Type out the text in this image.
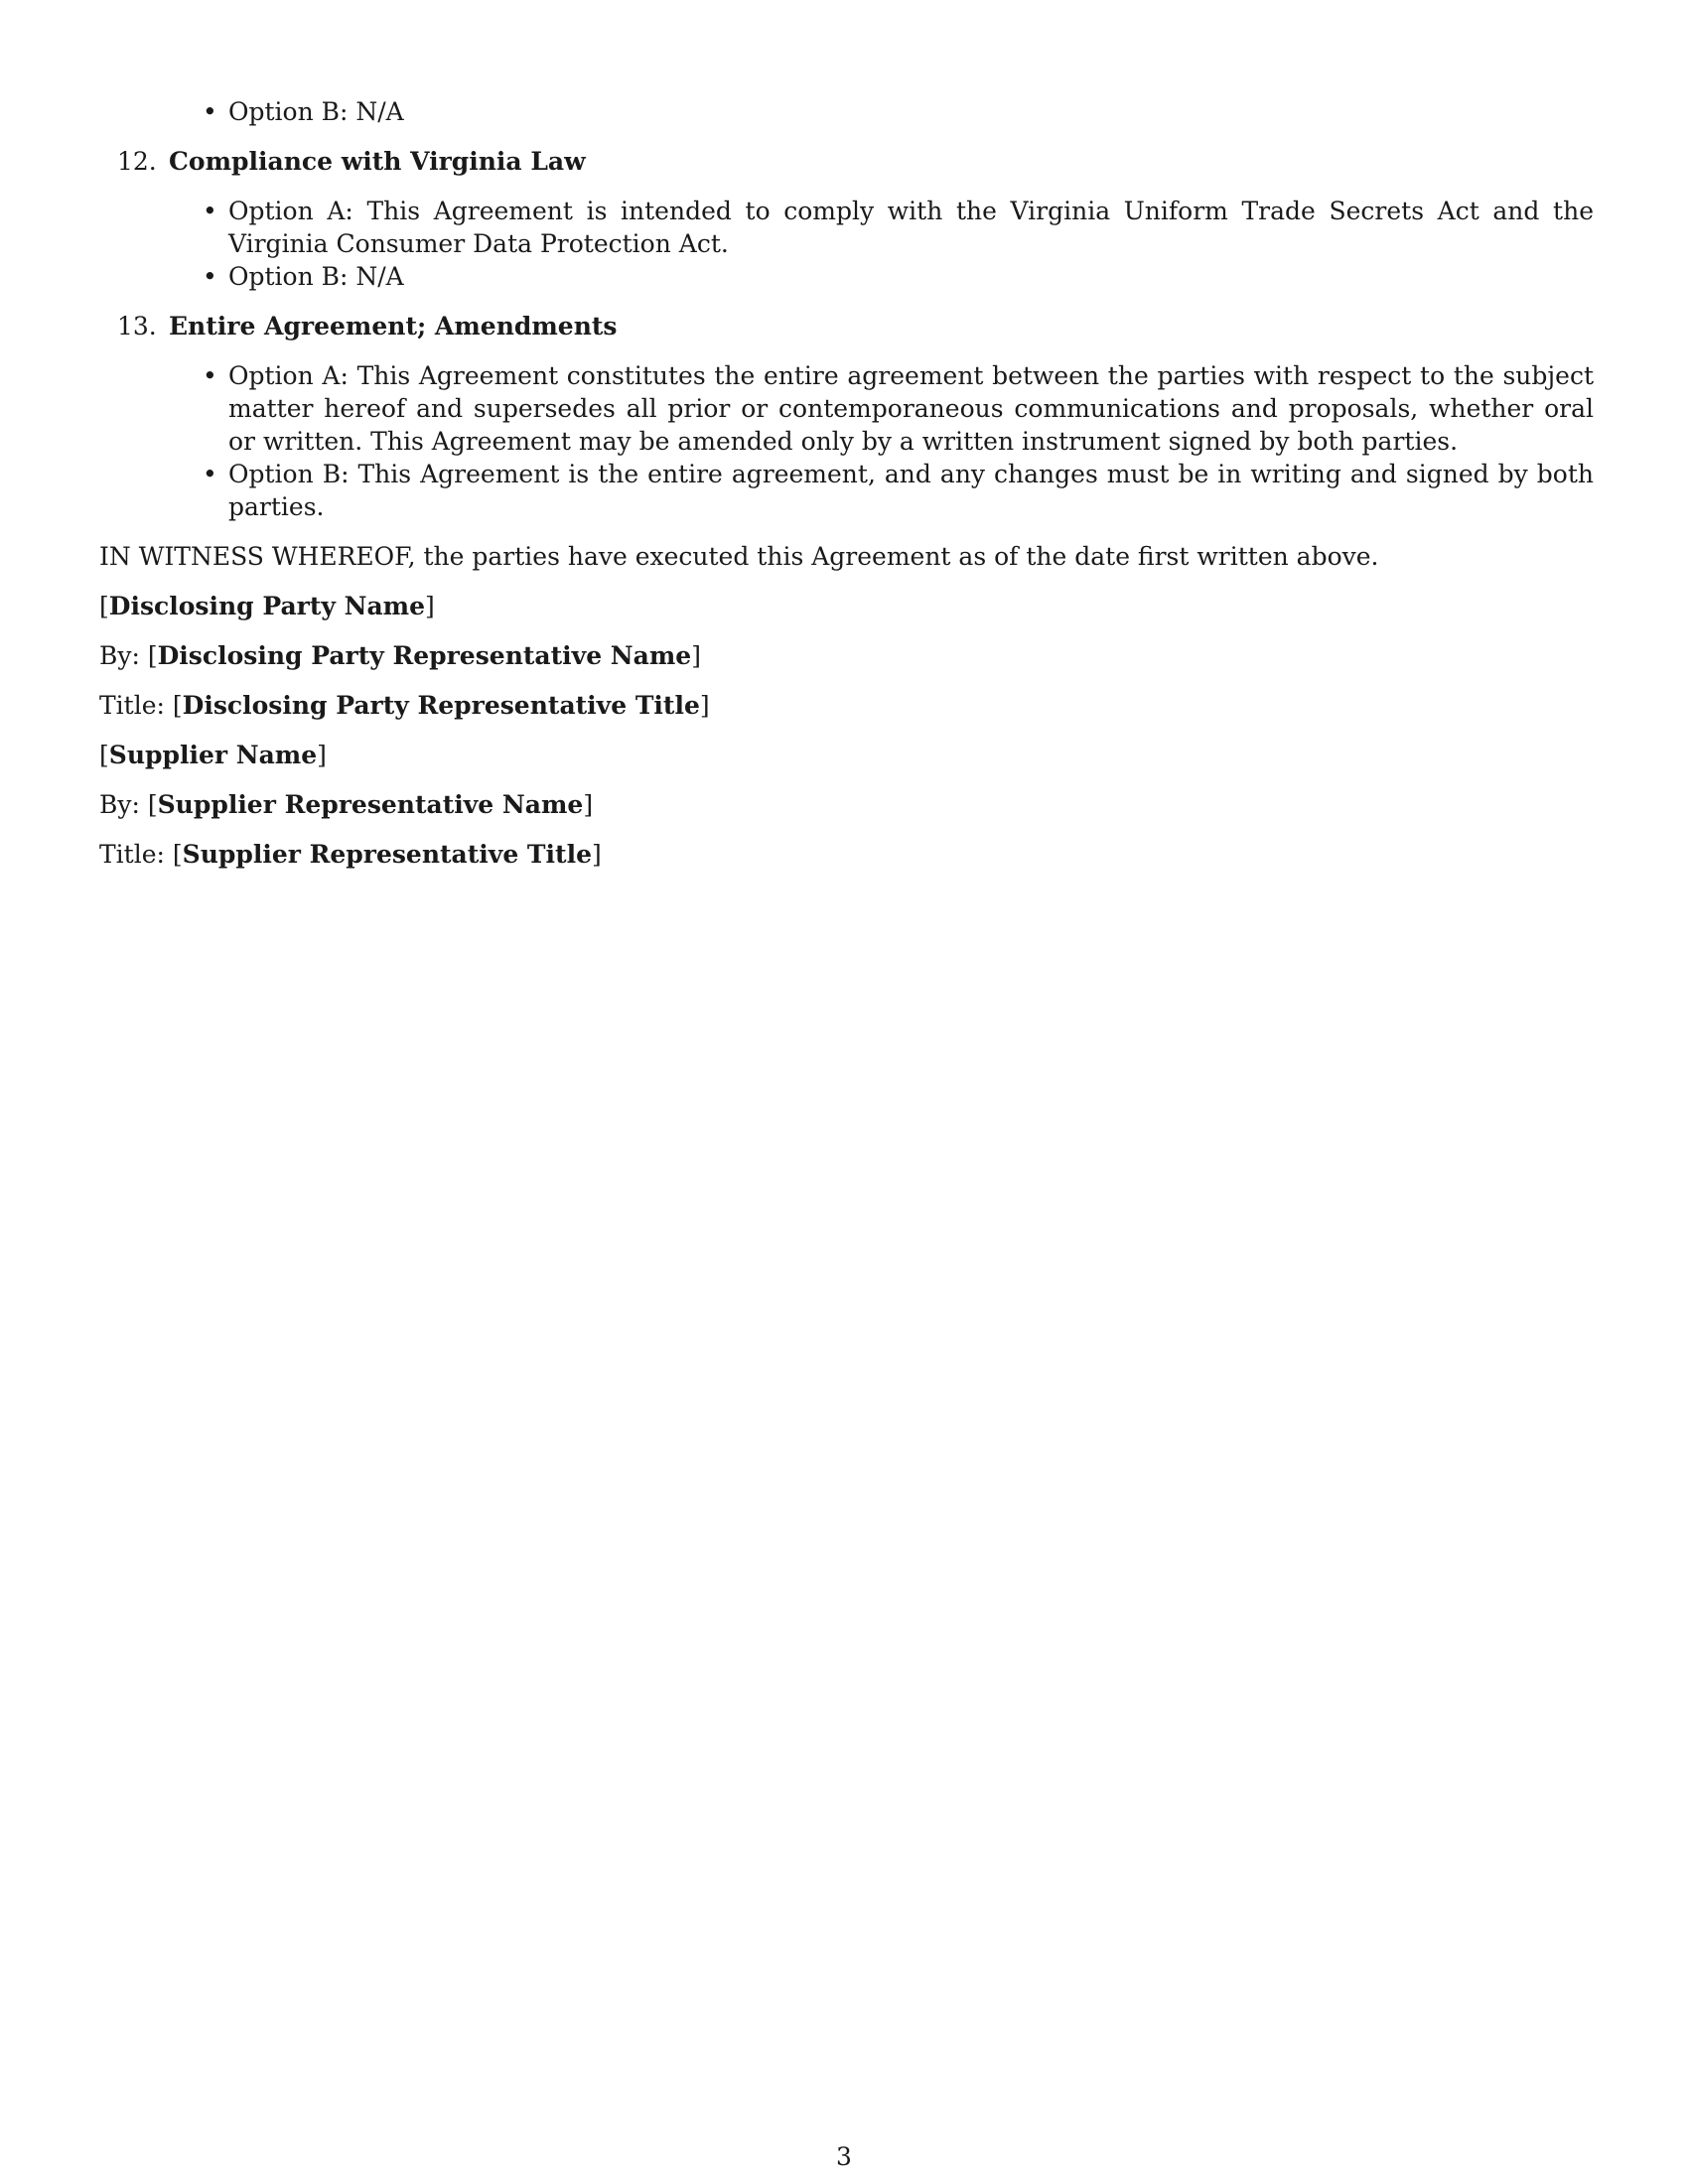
• Option B: N/A
12. Compliance with Virginia Law
• Option A: This Agreement is intended to comply with the Virginia Uniform Trade Secrets Act and the Virginia Consumer Data Protection Act.
• Option B: N/A
13. Entire Agreement; Amendments
• Option A: This Agreement constitutes the entire agreement between the parties with respect to the subject matter hereof and supersedes all prior or contemporaneous communications and proposals, whether oral or written. This Agreement may be amended only by a written instrument signed by both parties.
• Option B: This Agreement is the entire agreement, and any changes must be in writing and signed by both parties.

IN WITNESS WHEREOF, the parties have executed this Agreement as of the date first written above.

[Disclosing Party Name]
By: [Disclosing Party Representative Name]
Title: [Disclosing Party Representative Title]
[Supplier Name]
By: [Supplier Representative Name]
Title: [Supplier Representative Title]
3
